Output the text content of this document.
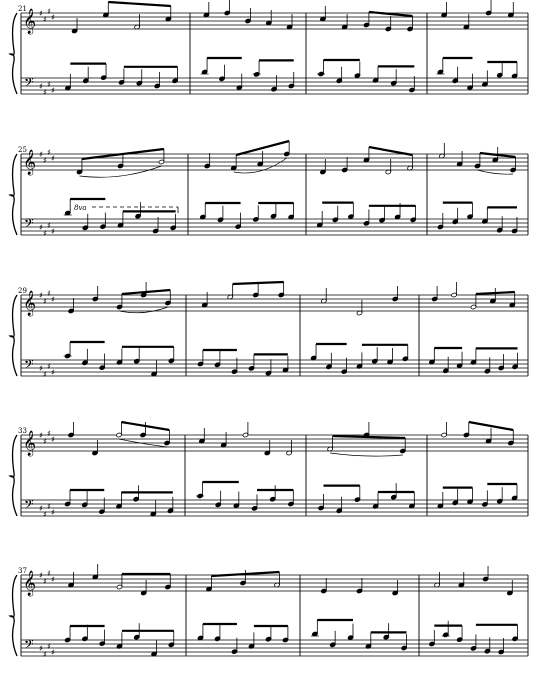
21
25
29
33
37
8va
𝄞
𝄢
♯
♯
♯
♯
♯
♯
♯
♯
𝄞
𝄢
♯
♯
♯
♯
♯
♯
♯
♯
𝄞
𝄢
♯
♯
♯
♯
♯
♯
♯
♯
𝄞
𝄢
♯
♯
♯
♯
♯
♯
♯
♯
𝄞
𝄢
♯
♯
♯
♯
♯
♯
♯
♯
